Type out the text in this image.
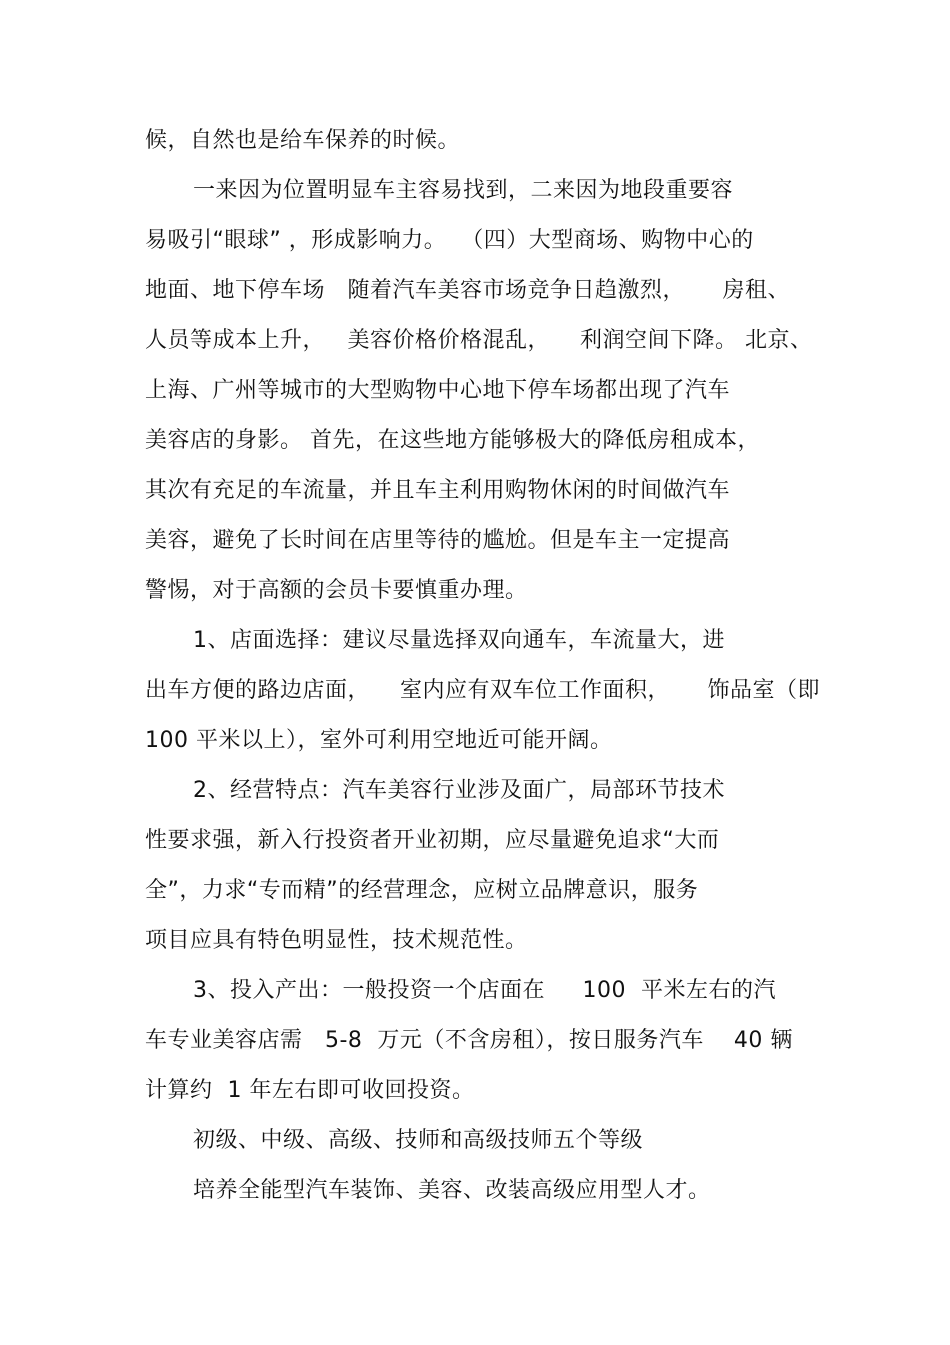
候，自然也是给车保养的时候。

一来因为位置明显车主容易找到，二来因为地段重要容

易吸引“眼球” ，形成影响力。  （四）大型商场、购物中心的

地面、地下停车场   随着汽车美容市场竞争日趋激烈，     房租、

人员等成本上升，   美容价格价格混乱，    利润空间下降。 北京、

上海、广州等城市的大型购物中心地下停车场都出现了汽车

美容店的身影。 首先，在这些地方能够极大的降低房租成本，

其次有充足的车流量，并且车主利用购物休闲的时间做汽车

美容，避免了长时间在店里等待的尴尬。但是车主一定提高

警惕，对于高额的会员卡要慎重办理。

1、店面选择：建议尽量选择双向通车，车流量大，进

出车方便的路边店面，    室内应有双车位工作面积，     饰品室（即

100 平米以上），室外可利用空地近可能开阔。

2、经营特点：汽车美容行业涉及面广，局部环节技术

性要求强，新入行投资者开业初期，应尽量避免追求“大而

全”，力求“专而精”的经营理念，应树立品牌意识，服务

项目应具有特色明显性，技术规范性。

3、投入产出：一般投资一个店面在     100  平米左右的汽

车专业美容店需   5-8  万元（不含房租），按日服务汽车    40 辆

计算约  1 年左右即可收回投资。

初级、中级、高级、技师和高级技师五个等级

培养全能型汽车装饰、美容、改装高级应用型人才。
